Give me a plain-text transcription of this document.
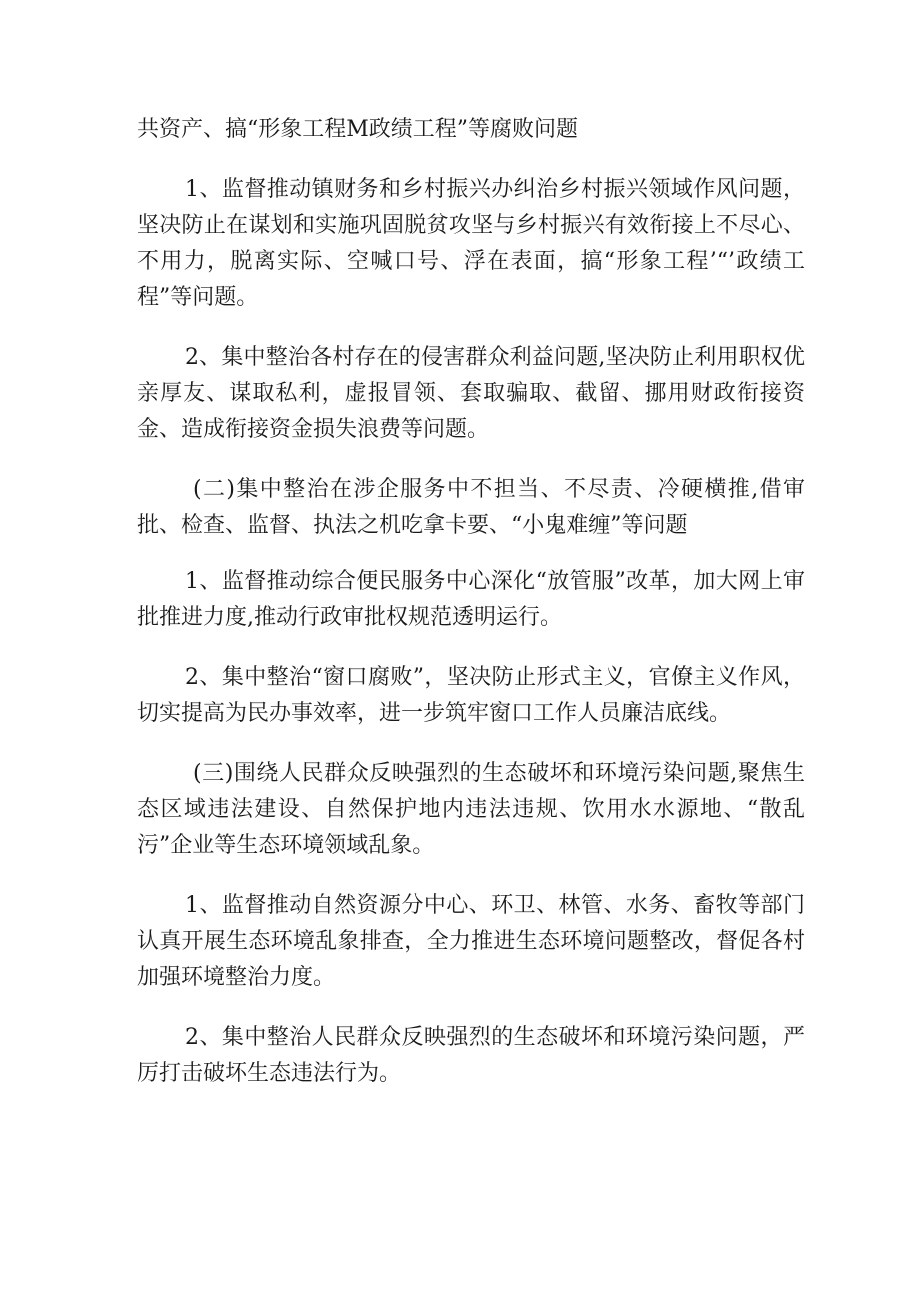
共资产、搞“形象工程M政绩工程”等腐败问题

1、监督推动镇财务和乡村振兴办纠治乡村振兴领域作风问题，坚决防止在谋划和实施巩固脱贫攻坚与乡村振兴有效衔接上不尽心、不用力，脱离实际、空喊口号、浮在表面，搞“形象工程’“’政绩工程”等问题。

2、集中整治各村存在的侵害群众利益问题,坚决防止利用职权优亲厚友、谋取私利，虚报冒领、套取骗取、截留、挪用财政衔接资金、造成衔接资金损失浪费等问题。

(二)集中整治在涉企服务中不担当、不尽责、冷硬横推,借审批、检查、监督、执法之机吃拿卡要、“小鬼难缠”等问题

1、监督推动综合便民服务中心深化“放管服”改革，加大网上审批推进力度,推动行政审批权规范透明运行。

2、集中整治“窗口腐败”，坚决防止形式主义，官僚主义作风，切实提高为民办事效率，进一步筑牢窗口工作人员廉洁底线。

(三)围绕人民群众反映强烈的生态破坏和环境污染问题,聚焦生态区域违法建设、自然保护地内违法违规、饮用水水源地、“散乱污”企业等生态环境领域乱象。

1、监督推动自然资源分中心、环卫、林管、水务、畜牧等部门认真开展生态环境乱象排查，全力推进生态环境问题整改，督促各村加强环境整治力度。

2、集中整治人民群众反映强烈的生态破坏和环境污染问题，严厉打击破坏生态违法行为。
